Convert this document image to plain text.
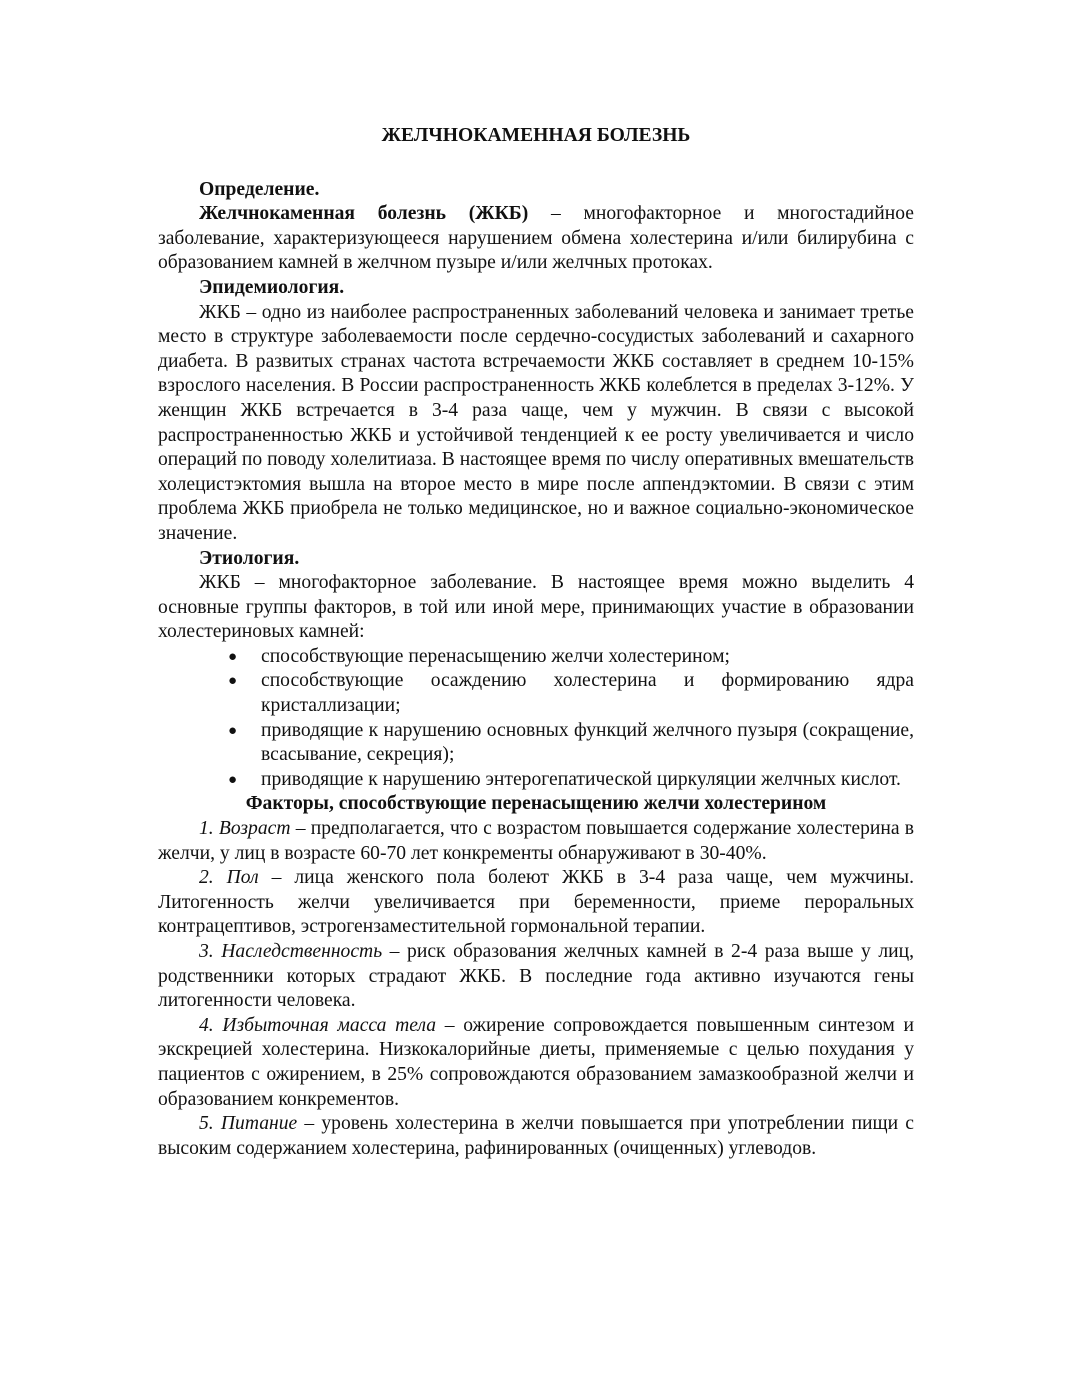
ЖЕЛЧНОКАМЕННАЯ БОЛЕЗНЬ
Определение.

Желчнокаменная болезнь (ЖКБ) – многофакторное и многостадийное заболевание, характеризующееся нарушением обмена холестерина и/или билирубина с образованием камней в желчном пузыре и/или желчных протоках.

Эпидемиология.

ЖКБ – одно из наиболее распространенных заболеваний человека и занимает третье место в структуре заболеваемости после сердечно-сосудистых заболеваний и сахарного диабета. В развитых странах частота встречаемости ЖКБ составляет в среднем 10-15% взрослого населения. В России распространенность ЖКБ колеблется в пределах 3-12%. У женщин ЖКБ встречается в 3-4 раза чаще, чем у мужчин. В связи с высокой распространенностью ЖКБ и устойчивой тенденцией к ее росту увеличивается и число операций по поводу холелитиаза. В настоящее время по числу оперативных вмешательств холецистэктомия вышла на второе место в мире после аппендэктомии. В связи с этим проблема ЖКБ приобрела не только медицинское, но и важное социально-экономическое значение.

Этиология.

ЖКБ – многофакторное заболевание. В настоящее время можно выделить 4 основные группы факторов, в той или иной мере, принимающих участие в образовании холестериновых камней:

● способствующие перенасыщению желчи холестерином;
● способствующие осаждению холестерина и формированию ядра кристаллизации;
● приводящие к нарушению основных функций желчного пузыря (сокращение, всасывание, секреция);
● приводящие к нарушению энтерогепатической циркуляции желчных кислот.
Факторы, способствующие перенасыщению желчи холестерином

1. Возраст – предполагается, что с возрастом повышается содержание холестерина в желчи, у лиц в возрасте 60-70 лет конкременты обнаруживают в 30-40%.

2. Пол – лица женского пола болеют ЖКБ в 3-4 раза чаще, чем мужчины. Литогенность желчи увеличивается при беременности, приеме пероральных контрацептивов, эстрогензаместительной гормональной терапии.

3. Наследственность – риск образования желчных камней в 2-4 раза выше у лиц, родственники которых страдают ЖКБ. В последние года активно изучаются гены литогенности человека.

4. Избыточная масса тела – ожирение сопровождается повышенным синтезом и экскрецией холестерина. Низкокалорийные диеты, применяемые с целью похудания у пациентов с ожирением, в 25% сопровождаются образованием замазкообразной желчи и образованием конкрементов.

5. Питание – уровень холестерина в желчи повышается при употреблении пищи с высоким содержанием холестерина, рафинированных (очищенных) углеводов.
